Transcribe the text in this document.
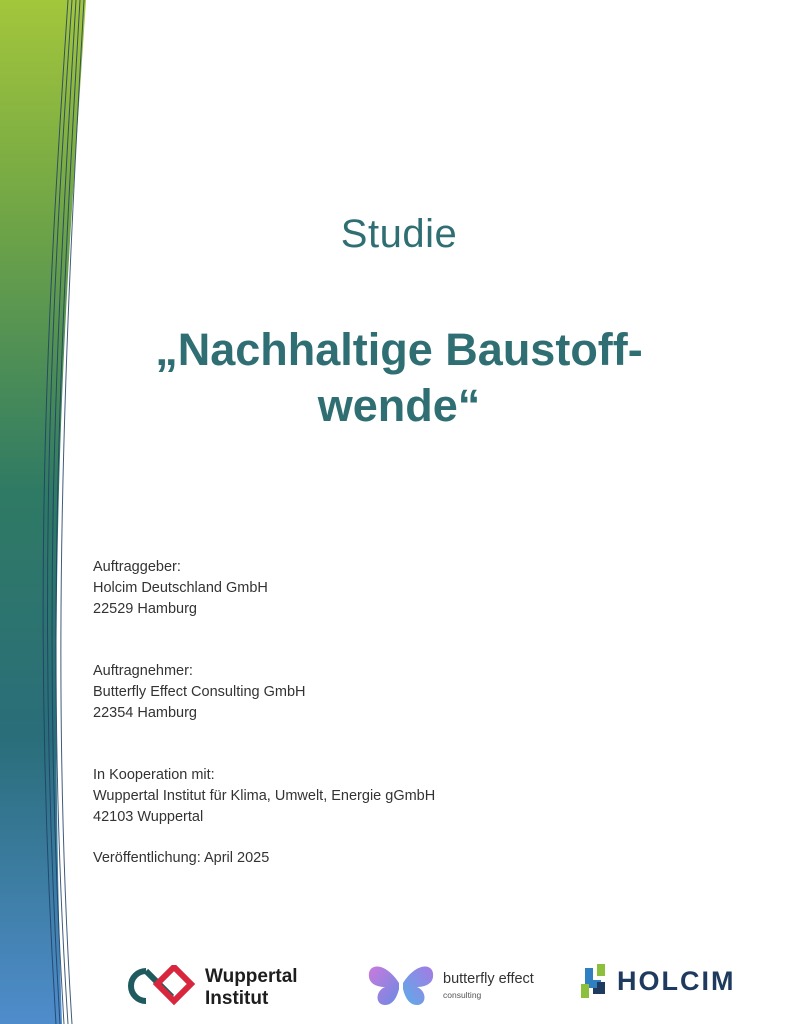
Studie
„Nachhaltige Baustoff-
wende“
Auftraggeber:
Holcim Deutschland GmbH
22529 Hamburg
Auftragnehmer:
Butterfly Effect Consulting GmbH
22354 Hamburg
In Kooperation mit:
Wuppertal Institut für Klima, Umwelt, Energie gGmbH
42103 Wuppertal
Veröffentlichung: April 2025
Wuppertal
Institut
butterfly effect
consulting	HOLCIM
